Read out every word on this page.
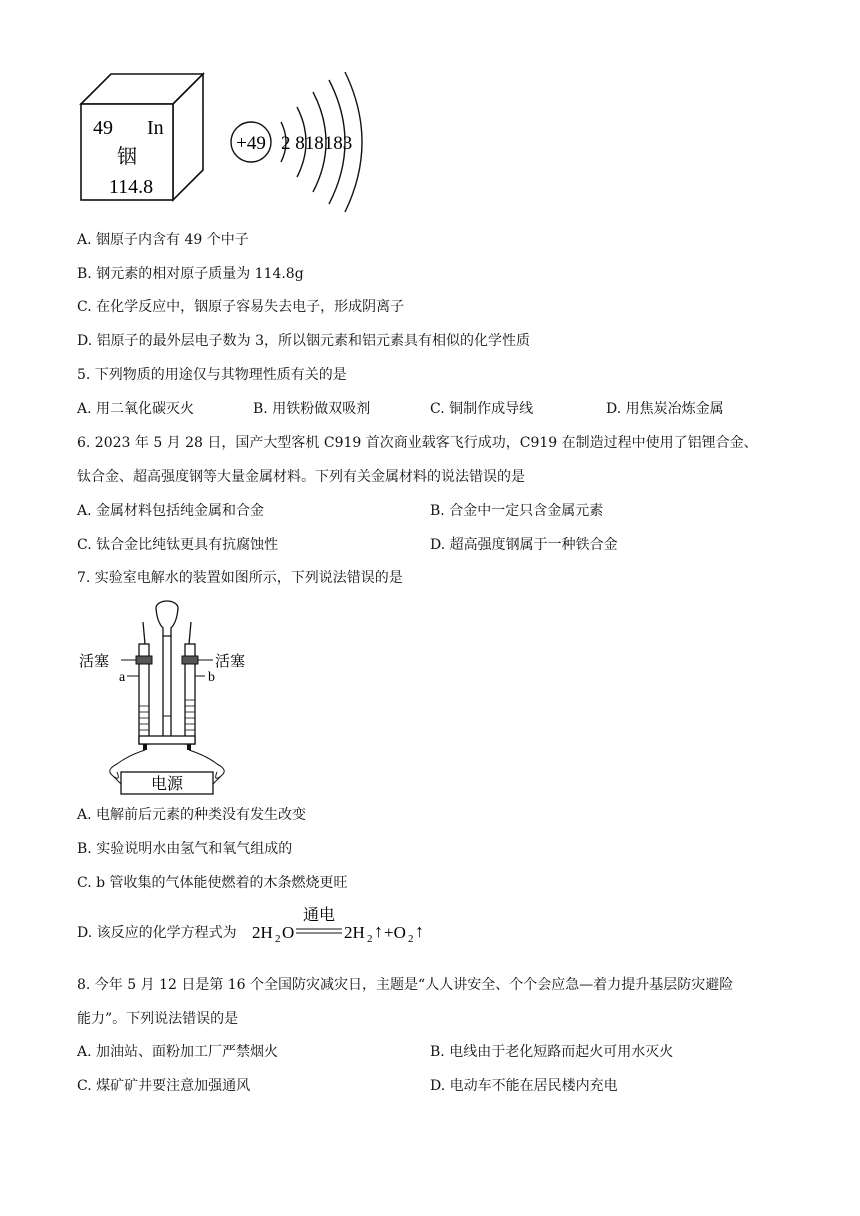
49 In
铟
114.8
+49 2 818183
A. 铟原子内含有 49 个中子
B. 钢元素的相对原子质量为 114.8g
C. 在化学反应中，铟原子容易失去电子，形成阴离子
D. 铝原子的最外层电子数为 3，所以铟元素和铝元素具有相似的化学性质
5. 下列物质的用途仅与其物理性质有关的是
A. 用二氧化碳灭火	B. 用铁粉做双吸剂	C. 铜制作成导线	D. 用焦炭冶炼金属
6. 2023 年 5 月 28 日，国产大型客机 C919 首次商业载客飞行成功，C919 在制造过程中使用了铝锂合金、
钛合金、超高强度钢等大量金属材料。下列有关金属材料的说法错误的是
A. 金属材料包括纯金属和合金	B. 合金中一定只含金属元素
C. 钛合金比纯钛更具有抗腐蚀性	D. 超高强度钢属于一种铁合金
7. 实验室电解水的装置如图所示，下列说法错误的是
电源
活塞	活塞
a	b
A. 电解前后元素的种类没有发生改变
B. 实验说明水由氢气和氧气组成的
C. b 管收集的气体能使燃着的木条燃烧更旺
D. 该反应的化学方程式为 2H 2 O
通电
2H 2 ↑ +O 2 ↑
8. 今年 5 月 12 日是第 16 个全国防灾减灾日，主题是“人人讲安全、个个会应急—着力提升基层防灾避险
能力”。下列说法错误的是
A. 加油站、面粉加工厂严禁烟火	B. 电线由于老化短路而起火可用水灭火
C. 煤矿矿井要注意加强通风	D. 电动车不能在居民楼内充电
